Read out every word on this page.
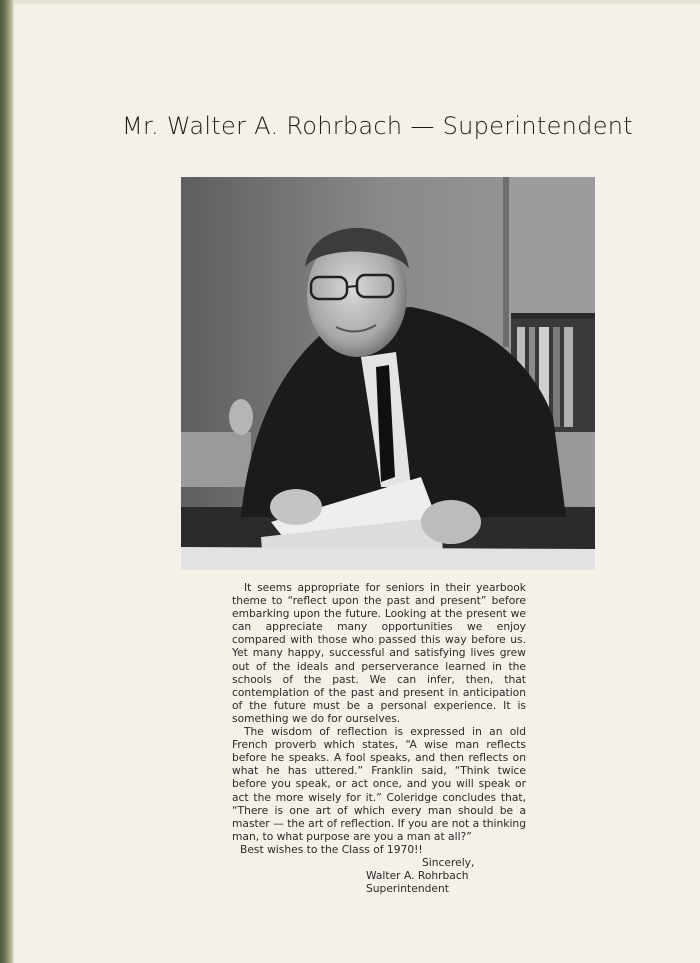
Mr. Walter A. Rohrbach — Superintendent

It seems appropriate for seniors in their yearbook theme to “reflect upon the past and present” before embarking upon the future. Looking at the present we can appreciate many opportunities we enjoy compared with those who passed this way before us. Yet many happy, successful and satisfying lives grew out of the ideals and perserverance learned in the schools of the past. We can infer, then, that contemplation of the past and present in anticipation of the future must be a personal experience. It is something we do for ourselves.

The wisdom of reflection is expressed in an old French proverb which states, “A wise man reflects before he speaks. A fool speaks, and then reflects on what he has uttered.” Franklin said, “Think twice before you speak, or act once, and you will speak or act the more wisely for it.” Coleridge concludes that, “There is one art of which every man should be a master — the art of reflection. If you are not a thinking man, to what purpose are you a man at all?”

Best wishes to the Class of 1970!!

Sincerely,
Walter A. Rohrbach
Superintendent
